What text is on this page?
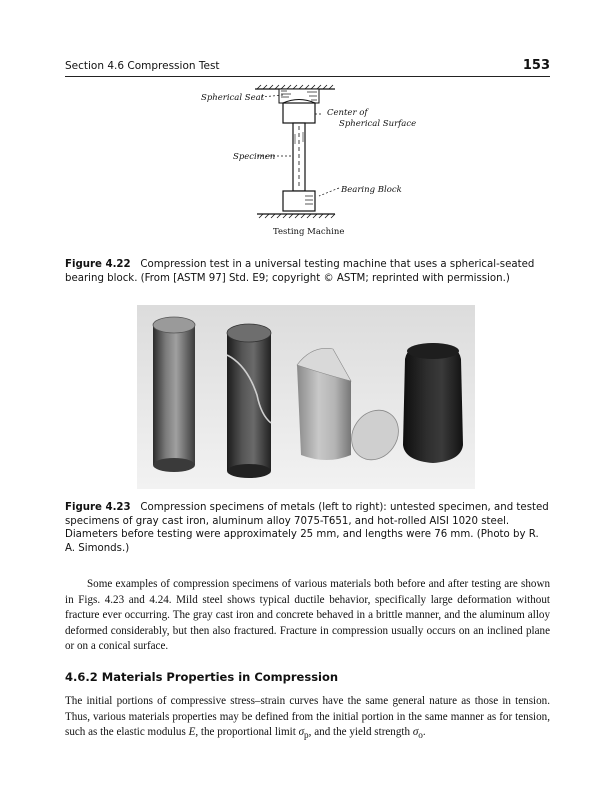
Section 4.6 Compression Test	153
Spherical Seat
Center of
Spherical Surface
Specimen
Bearing Block
Testing Machine
Figure 4.22 Compression test in a universal testing machine that uses a spherical-seated bearing block. (From [ASTM 97] Std. E9; copyright © ASTM; reprinted with permission.)
Figure 4.23 Compression specimens of metals (left to right): untested specimen, and tested specimens of gray cast iron, aluminum alloy 7075-T651, and hot-rolled AISI 1020 steel. Diameters before testing were approximately 25 mm, and lengths were 76 mm. (Photo by R. A. Simonds.)
Some examples of compression specimens of various materials both before and after testing are shown in Figs. 4.23 and 4.24. Mild steel shows typical ductile behavior, specifically large deformation without fracture ever occurring. The gray cast iron and concrete behaved in a brittle manner, and the aluminum alloy deformed considerably, but then also fractured. Fracture in compression usually occurs on an inclined plane or on a conical surface.
4.6.2 Materials Properties in Compression
The initial portions of compressive stress–strain curves have the same general nature as those in tension. Thus, various materials properties may be defined from the initial portion in the same manner as for tension, such as the elastic modulus E, the proportional limit $\sigma_p$, and the yield strength $\sigma_o$.
